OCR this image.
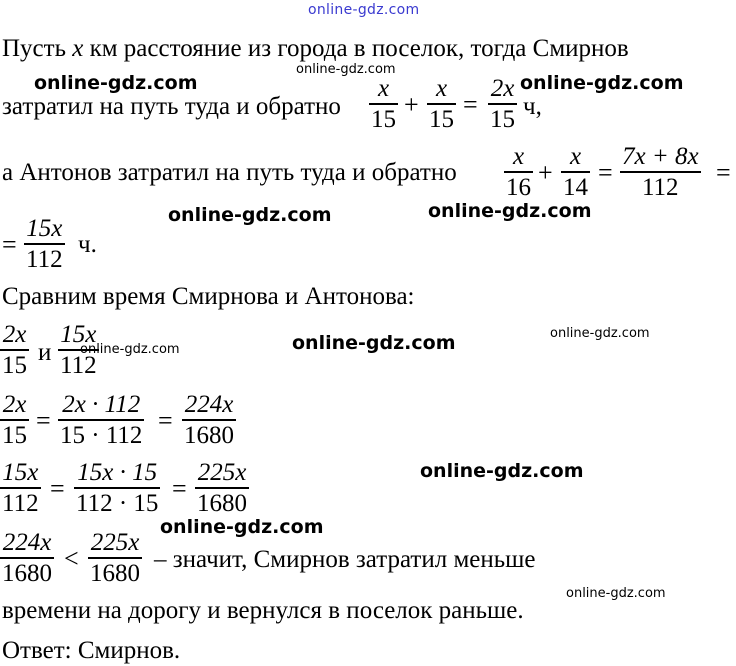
online-gdz.com
Пусть x км расстояние из города в поселок, тогда Смирнов
затратил на путь туда и обратно
x
15
+
x
15
=
2x
15 ч,
а Антонов затратил на путь туда и обратно
x
16
+
x
14
=
7x + 8x
112
=
=
15x
112
ч.
Сравним время Смирнова и Антонова:
2x
15 и
15x
112
2x
15
=
2x · 112
15 · 112
=
224x
1680
15x
112
=
15x · 15
112 · 15
=
225x
1680
224x
1680
<
225x
1680
– значит, Смирнов затратил меньше
времени на дорогу и вернулся в поселок раньше.
Ответ: Смирнов.
online-gdz.com
online-gdz.com
online-gdz.com
online-gdz.com	online-gdz.com
online-gdz.com	online-gdz.com
online-gdz.com
online-gdz.com
online-gdz.com
online-gdz.com
